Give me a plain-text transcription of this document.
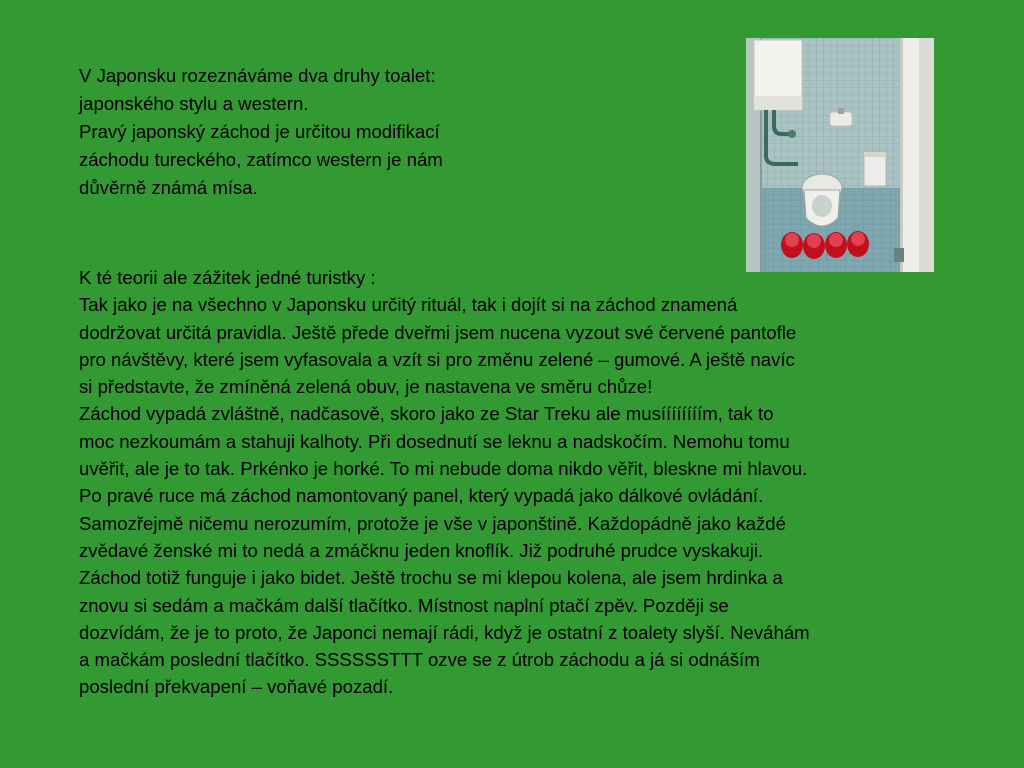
V Japonsku rozeznáváme dva druhy toalet:
japonského stylu a western.
Pravý japonský záchod je určitou modifikací
záchodu tureckého, zatímco western je nám
důvěrně známá mísa.
K té teorii ale zážitek jedné turistky :
Tak jako je na všechno v Japonsku určitý rituál, tak i dojít si na záchod znamená
dodržovat určitá pravidla. Ještě přede dveřmi jsem nucena vyzout své červené pantofle
pro návštěvy, které jsem vyfasovala a vzít si pro změnu zelené – gumové. A ještě navíc
si představte, že zmíněná zelená obuv, je nastavena ve směru chůze!
Záchod vypadá zvláštně, nadčasově, skoro jako ze Star Treku ale musíííííííím, tak to
moc nezkoumám a stahuji kalhoty. Při dosednutí se leknu a nadskočím. Nemohu tomu
uvěřit, ale je to tak. Prkénko je horké. To mi nebude doma nikdo věřit, bleskne mi hlavou.
Po pravé ruce má záchod namontovaný panel, který vypadá jako dálkové ovládání.
Samozřejmě ničemu nerozumím, protože je vše v japonštině. Každopádně jako každé
zvědavé ženské mi to nedá a zmáčknu jeden knoflík. Již podruhé prudce vyskakuji.
Záchod totiž funguje i jako bidet. Ještě trochu se mi klepou kolena, ale jsem hrdinka a
znovu si sedám a mačkám další tlačítko. Místnost naplní ptačí zpěv. Později se
dozvídám, že je to proto, že Japonci nemají rádi, když je ostatní z toalety slyší. Neváhám
a mačkám poslední tlačítko. SSSSSSTTT ozve se z útrob záchodu a já si odnáším
poslední překvapení – voňavé pozadí.
